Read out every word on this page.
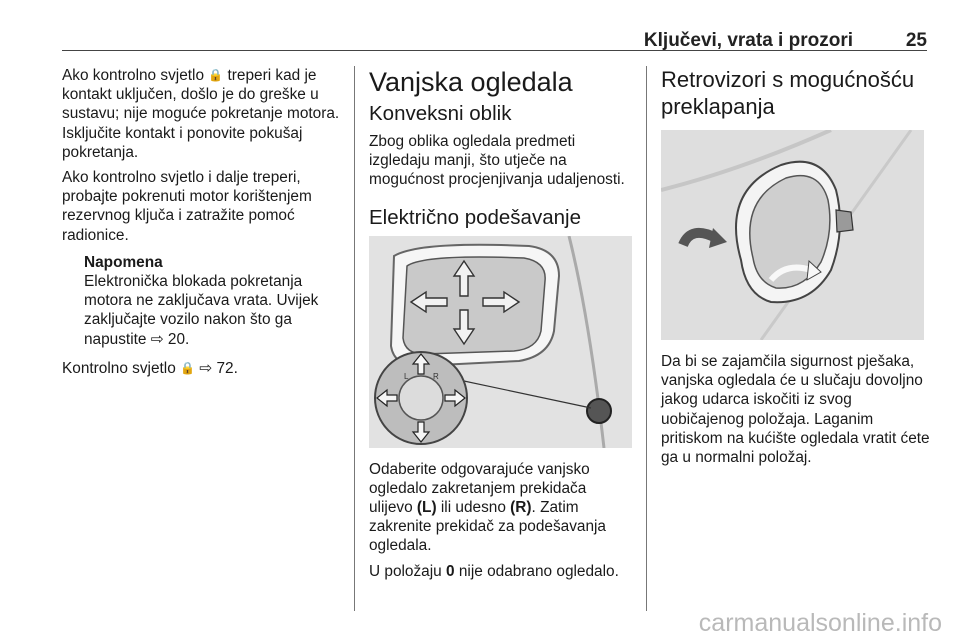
Ključevi, vrata i prozori	25

Ako kontrolno svjetlo 🔒 treperi kad je kontakt uključen, došlo je do greške u sustavu; nije moguće pokretanje motora. Isključite kontakt i ponovite pokušaj pokretanja.

Ako kontrolno svjetlo i dalje treperi, probajte pokrenuti motor korištenjem rezervnog ključa i zatražite pomoć radionice.

Napomena
Elektronička blokada pokretanja motora ne zaključava vrata. Uvijek zaključajte vozilo nakon što ga napustite ⇨ 20.

Kontrolno svjetlo 🔒 ⇨ 72.

Vanjska ogledala
Konveksni oblik

Zbog oblika ogledala predmeti izgledaju manji, što utječe na mogućnost procjenjivanja udaljenosti.

Električno podešavanje
L	R

Odaberite odgovarajuće vanjsko ogledalo zakretanjem prekidača ulijevo (L) ili udesno (R). Zatim zakrenite prekidač za podešavanja ogledala.

U položaju 0 nije odabrano ogledalo.

Retrovizori s mogućnošću preklapanja

Da bi se zajamčila sigurnost pješaka, vanjska ogledala će u slučaju dovoljno jakog udarca iskočiti iz svog uobičajenog položaja. Laganim pritiskom na kućište ogledala vratit ćete ga u normalni položaj.

carmanualsonline.info
